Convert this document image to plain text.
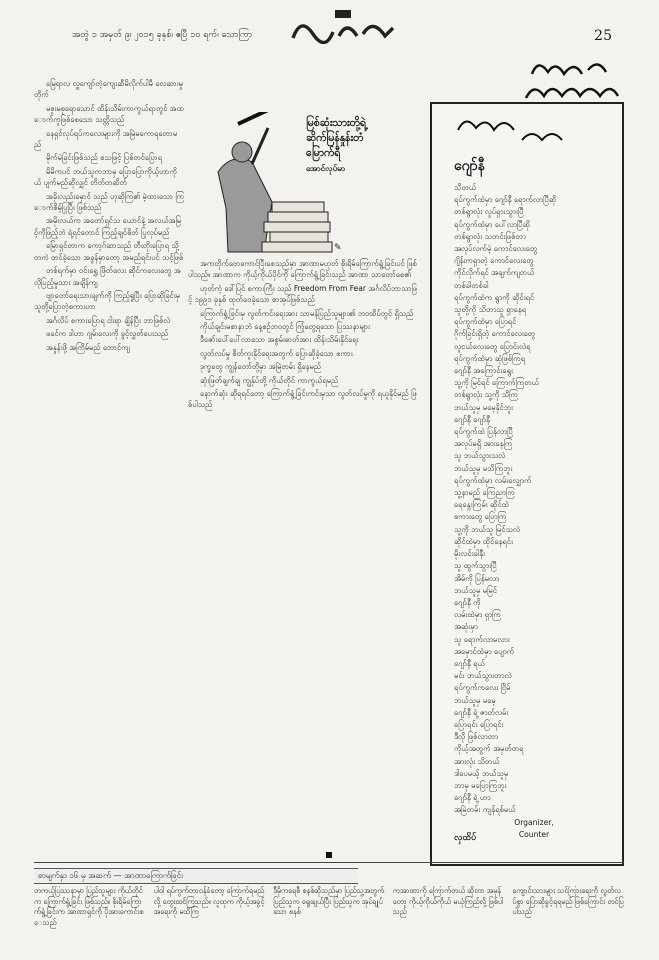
အတွဲ ၁ အမှတ် ၉၊ ၂၀၁၅ ခုနှစ်၊ ဧပြီ ၁၀ ရက်၊ သောကြာ	25

မြေရာလ လှူကျော်တဲ့ကျေးဆီမိလိုက်ပါမီ လေဆားမှုတိုက်

မစူးမစုရောသောင် ထိန်းသိမ်းကာကွယ်ရာတွင် အထောက်ကူဖြစ်စေသော သတ္တိသည်

နေရှင်လုပ်ရပ်ကလေးများကို အမြဲမကောရတောမည်

မိုက်မဲခြင်းဖြစ်သည် စသဖြင့် ပြစ်တင်ပြောရ

မိမိကပင် ဘယ်သူကဘာမှ ပြောပြောကိုယ့်ဟာကိုယ် ပျက်မည်ဆိုလျှင် တိတ်တဆိတ်

အခိုးလည်းမှောင် သည် ဟုဆိုကြ၏ မဲ့ထားသော ကြောက်စိမ့်ပြုပြီး ဖြစ်သည်

အမိုးလယ်က အတော်ရှင်သ ယောင်နဲ့ အလယ်အမြင့်ကိုဖြည့်ဘဲ ရဲ့ရင်တောင် ကြည့်ချင်စိတ် ပြုလုပ်မည်

မြောရှင်တာက ကော့ဂ်ဆာသည် တီးတိုးပြောရ သို့တကဲ တင်ခဲ့သော အခွန်မှာတော့ အမည်ရင်းပင် သင့်ဖြစ်

တစ်ရက်မှာ ဝင်းရွှေ ဖြိတ်လေး ဆိုင်ကလေးတွေ အလိုပြည့်မှုသား အချိန်ကျ

ဗျာတော်ရေးသားချက်ကို ကြည့်ရှုပြီး ပြောဆိုခြင်းမှ သူတို့ပြောတဲ့စကားဟာ

အင်္ဂလိပ် စကားပြောရ ငါးရာ ချိန်ပြီး ဘာဖြစ်လဲ

ဖခင်က ဒါဟာ ဂျမ်းလေးကို ခွင့်လွှတ်ပေးသည်

အနှုန်းဖို့ အကြိမ်မည် ဘောင်ကျ

✎
မြစ်ဆုံးသားတို့ရဲ့
ဆိုက်မြန်နှုန်းတံ
မြောက်ရီ
အောင်လုပ်မာ

အကတိုက်ဗောကောင်ပြီးစေသည်မှာ အာဏာမဟုတ် စိုးရိမ်ကြောက်ရွံ့ခြင်းပင် ဖြစ်ပါသည်။ အာဏာက ကိုယ့်ကိုယ်ပိုင်ကို ကြောက်ရွံ့ခြင်းသည် အာဏာ သာတော်စေ၏

ဟုတ်ကဲ့ ဒေါ်ပြင် စကားကြီး သည် Freedom From Fear အင်္ဂလိပ်ဘာသာဖြင့် ၁၉၉၁ ခုနှစ် ထုတ်ဝေခဲ့သော စာအုပ်ဖြစ်သည်

ကြောက်ရွံ့ခြင်းမှ လွတ်ကင်းရေးအား သာမန်ပြည်သူများ၏ ဘဝထိပ်တွင် ရှိသည်

ကိုယ်ချင်းမစာနာဘဲ နေ့စဉ်ဘဝတွင် ကြုံတွေ့ရသော ပြဿနာများ

ဒီဇော်းပေါ်ပေါ်လာသော အစွမ်းဓာတ်အား ထိန်းသိမ်းနိုင်ရေး

လွတ်လပ်မှု စိတ်ကူးနိုင်ရေးအတွက် ပြောဆိုခဲ့သော စကား

ဒုက္ခတွေ ကျွန်တော်တို့မှာ အမြဲတမ်း ရှိနေမည်

ဆုံးဖြတ်ချက်ချ ကျွန်ုပ်တို့ ကိုယ်တိုင် ကာကွယ်ရမည်

နောက်ဆုံး ဆိုရရင်တော့ ကြောက်ရွံ့ခြင်းကင်းမှသာ လွတ်လပ်မှုကို ရယူနိုင်မည် ဖြစ်ပါသည်

ဂျော်နီ
သိတယ်
ရပ်ကွက်ထဲမှာ ဂျော်နီ ရောက်လာပြီဆို
တစ်ရွာလုံး လှုပ်ရှားသွားပြီ
ရပ်ကွက်ထဲမှာ ပေါ်လာပြီဆို
တစ်ရွာလုံး သတင်းဖြစ်တာ
အလုပ်လက်မဲ့ ကောင်လေးတွေ
ဂျိန်းကရှာတဲ့ ကောင်လေးတွေ
ကိုင်လိုက်ရင် အချက်ကျတယ်
တစ်ခါတစ်ခါ
ရပ်ကွက်ထဲက ရွာကို ဆိုင်းရင်
သူတို့ကို သိတာသူ ရှာနေရ
ရပ်ကွက်ထဲမှာ ပြောရင်
ဂိုက်ခြင်းရှိတဲ့ ကောင်လေးတွေ
လူငယ်လေးတွေ ပြောင်းလဲရ
ရပ်ကွက်ထဲမှာ ဆုံဖြစ်ကြရ
ဂျော်နီ အကြောင်းရွေး
သူ့ကို မြင်ရင် ကြောက်ကြတယ်
တစ်ရွာလုံး သူ့ကို သိကြ
ဘယ်သူမှ မမေ့နိုင်ဘူး
ဂျော်နီ ဂျော်နီ
ရပ်ကွက်ထဲ ပြန်လာပြီ
အလုပ်မရှိ အားနေကြ
သူ ဘယ်သွားသလဲ
ဘယ်သူမှ မသိကြဘူး
ရပ်ကွက်ထဲမှာ လမ်းလျှောက်
သူ့နာမည် ကြေညာကြ
ရေနွေးကြမ်း ဆိုင်ထဲ
စကားတွေ ပြောကြ
သူ့ကို ဘယ်သူ မြင်သလဲ
ဆိုင်ထဲမှာ ထိုင်နေရင်း
မိုးလင်းခါနီး
သူ ထွက်သွားပြီ
အိမ်ကို ပြန်မလာ
ဘယ်သူမှ မမြင်
ဂျော်နီ ကို
လမ်းထဲမှာ ရှာကြ
အဆုံးမှာ
သူ ရောက်လာမလား
အမှောင်ထဲမှာ ပျောက်
ဂျော်နီ ရယ်
မင်း ဘယ်သွားတာလဲ
ရပ်ကွက်ကလေး ငြိမ်
ဘယ်သူမှ မမေ့
ဂျော်နီ ရဲ့ ဇာတ်လမ်း
ပြောရင်း ပြောရင်း
ဒီလို ဖြစ်လာတာ
ကိုယ့်အတွက် အမှတ်တရ
အားလုံး သိတယ်
ဒါပေမယ့် ဘယ်သူမှ
ဘာမှ မပြောကြဘူး
ဂျော်နီ ရဲ့ ဟာ
အမြဲတမ်း ကျန်ရစ်မယ်
Organizer,
Counter
လှထိပ်
စာမျက်နှာ ၁၆ မှ အဆက် — အာဏာကြောက်ခြင်း
တကယ့်ပြဿနာမှာ ပြည်သူများ ကိုယ်တိုင်က ကြောက်ရွံ့ခြင်း ဖြစ်သည်။ စိုးရိမ်ကြောက်ရွံ့ခြင်းက အာဏာရှင်ကို ပိုအားကောင်းစေသည်
ပါဝါ ရပ်ကွက်တာဝန်ခံတော့ ကြောက်ရမည်လို့ တွေးထင်ကြသည်။ လူထုက ကိုယ့်အခွင့်အရေးကို မသိကြ
ဒီမိုကရေစီ စနစ်ဆိုသည်မှာ ပြည်သူ့အတွက် ပြည်သူက ရွေးချယ်ပြီး ပြည်သူက အုပ်ချုပ်သော စနစ်
ကအာဏာကို ကြောက်တယ် ဆိုတာ အမှန်တော့ ကိုယ့်ကိုယ်ကိုယ် မယုံကြည်လို့ ဖြစ်ပါသည်
ကျောင်းသားများ သင်ကြားရေးကို လွတ်လပ်စွာ ပြောဆိုခွင့်ရရမည် ဖြစ်ကြောင်း တင်ပြပါသည်
